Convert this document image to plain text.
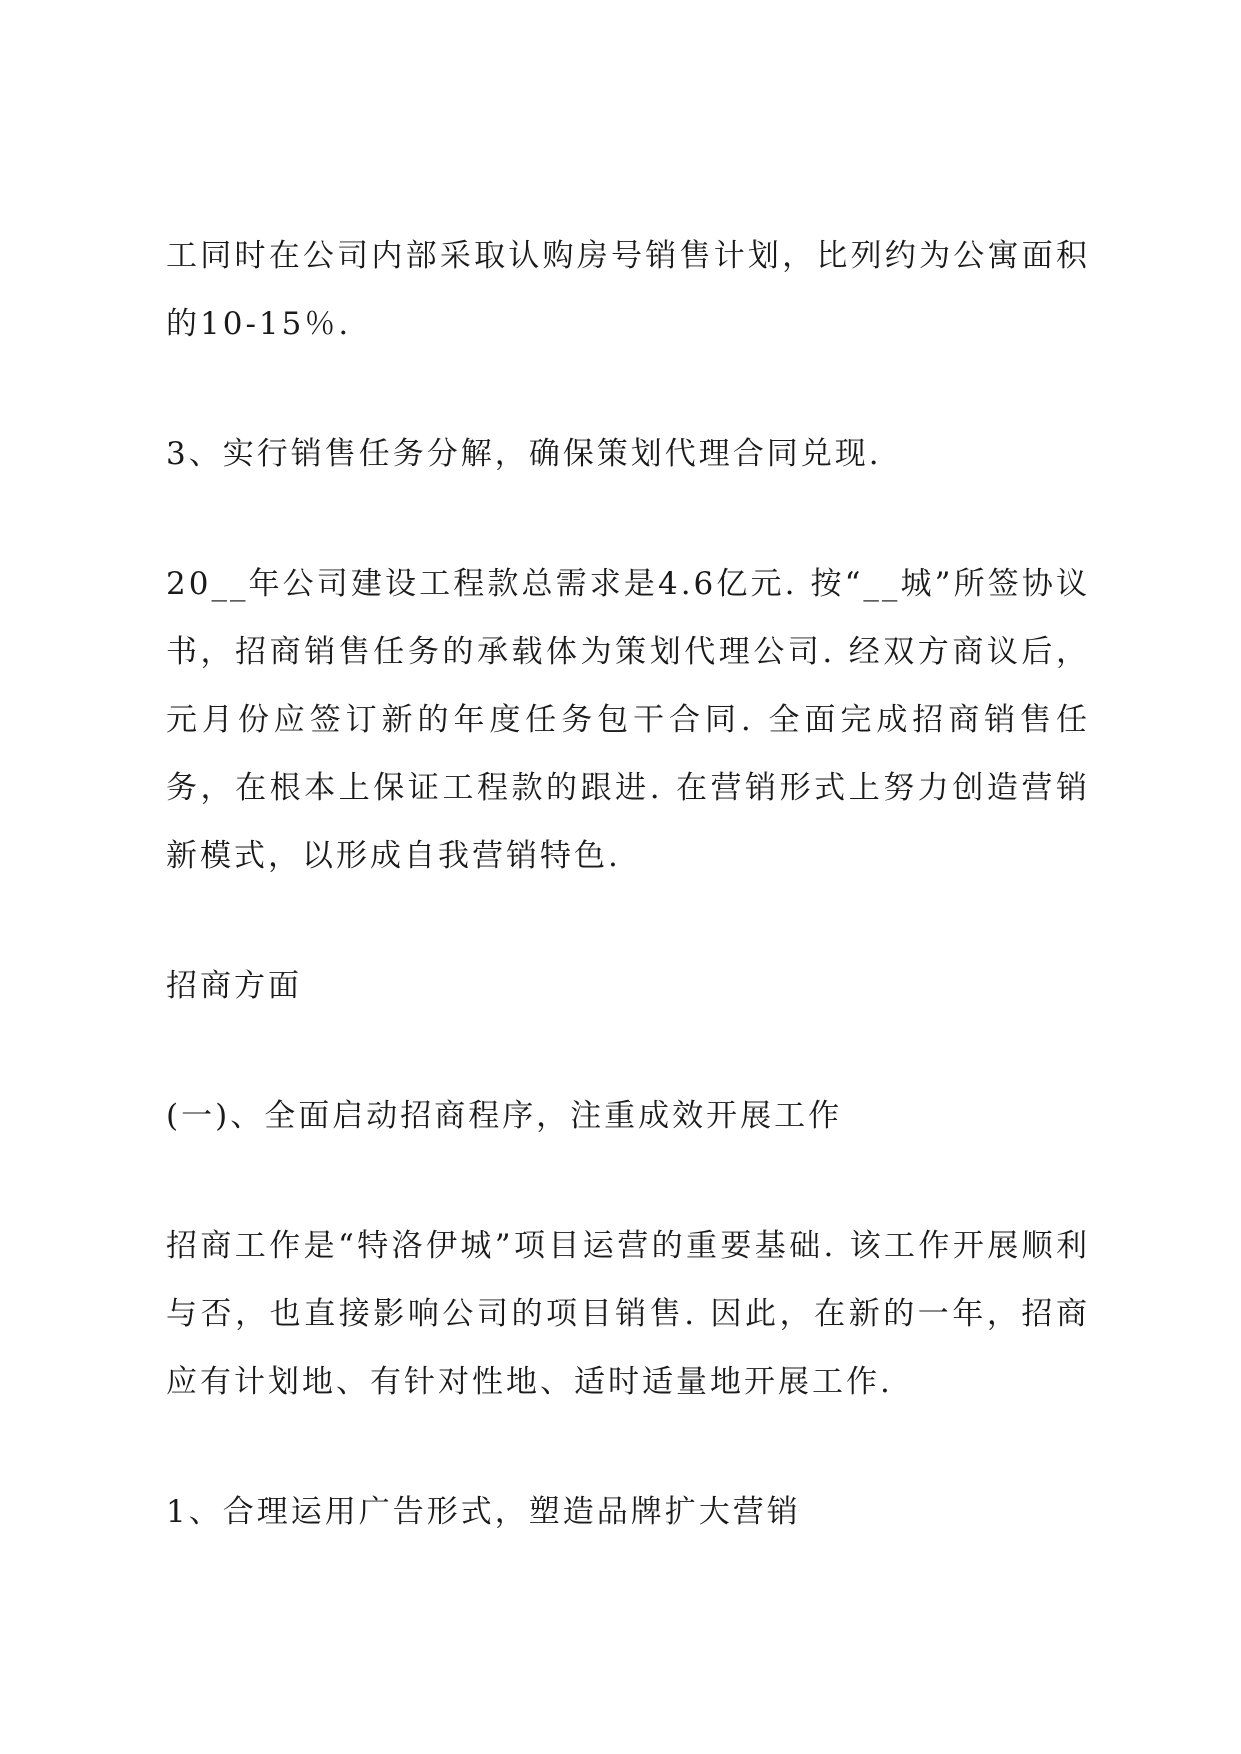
工同时在公司内部采取认购房号销售计划，比列约为公寓面积的10-15％.

3、实行销售任务分解，确保策划代理合同兑现.

20__年公司建设工程款总需求是4.6亿元. 按“__城”所签协议书，招商销售任务的承载体为策划代理公司. 经双方商议后，元月份应签订新的年度任务包干合同. 全面完成招商销售任务，在根本上保证工程款的跟进. 在营销形式上努力创造营销新模式，以形成自我营销特色.

招商方面

(一)、全面启动招商程序，注重成效开展工作

招商工作是“特洛伊城”项目运营的重要基础. 该工作开展顺利与否，也直接影响公司的项目销售. 因此，在新的一年，招商应有计划地、有针对性地、适时适量地开展工作.

1、合理运用广告形式，塑造品牌扩大营销
